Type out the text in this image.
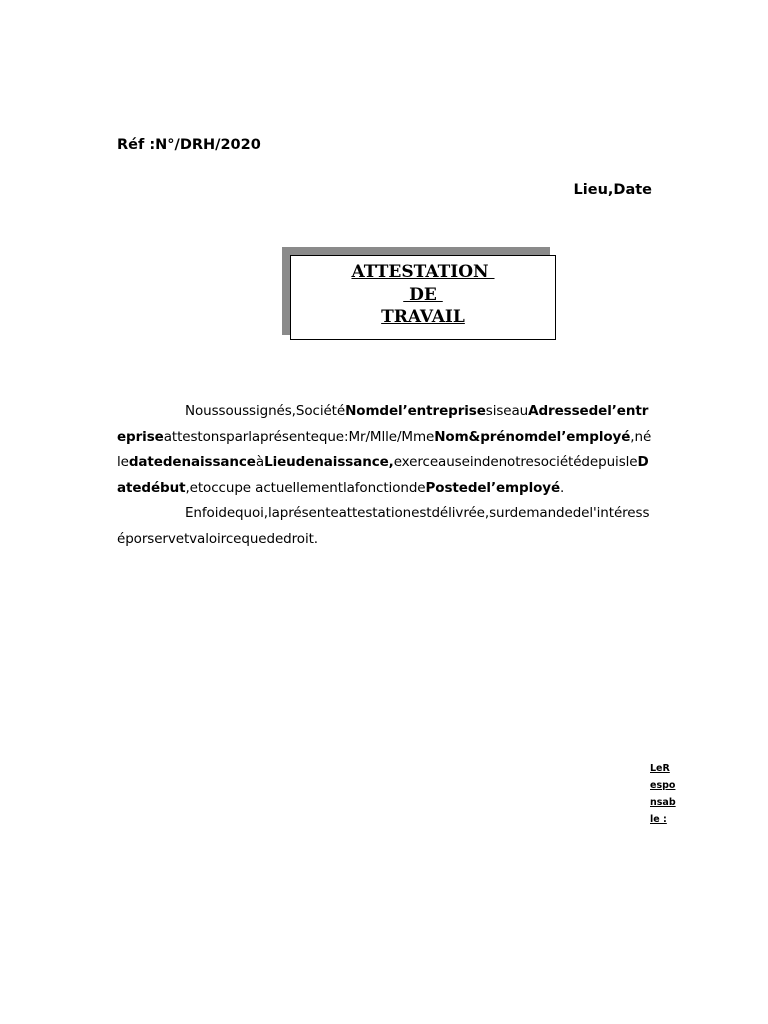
Réf :N°/DRH/2020
Lieu,Date
ATTESTATION
DE
TRAVAIL

Noussoussignés,SociétéNomdel’entreprisesiseauAdressedel’entrepriseattestonsparlaprésenteque:Mr/Mlle/MmeNom&prénomdel’employé,néledatedenaissanceàLieudenaissance,exerceauseindenotresociétédepuisleDatedébut,etoccupe actuellementlafonctiondePostedel’employé.

Enfoidequoi,laprésenteattestationestdélivrée,surdemandedel'intéresséporservetvaloircequededroit.

LeResponsable :
